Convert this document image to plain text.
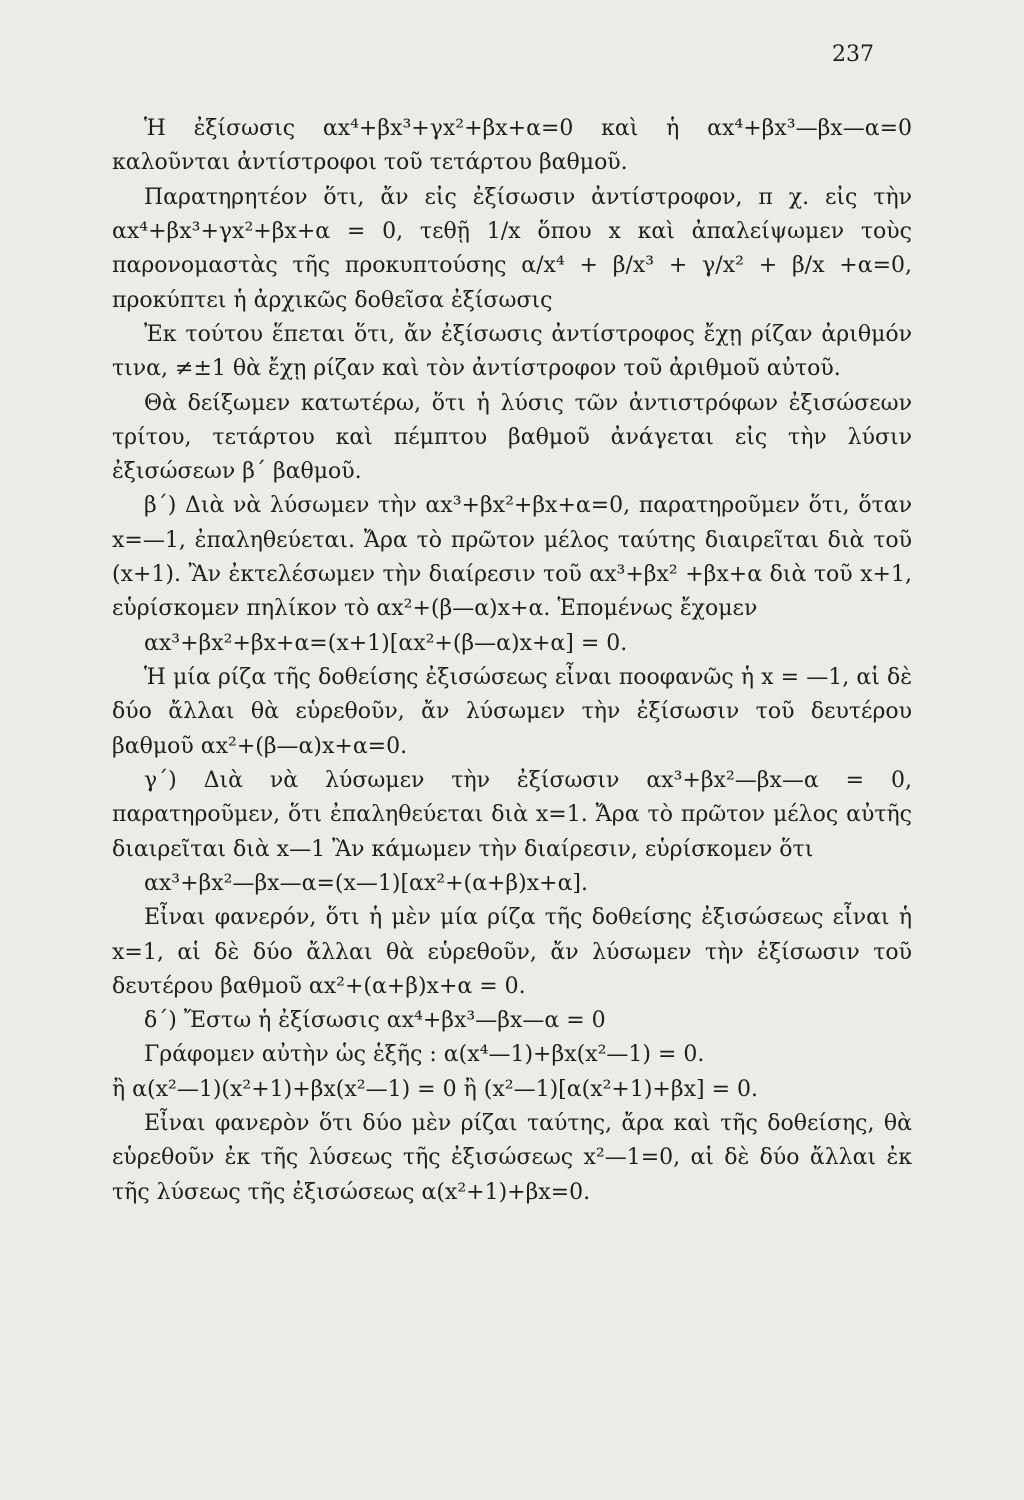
237

Ἡ ἐξίσωσις αx⁴+βx³+γx²+βx+α=0 καὶ ἡ αx⁴+βx³—βx—α=0 καλοῦνται ἀντίστροφοι τοῦ τετάρτου βαθμοῦ.

Παρατηρητέον ὅτι, ἄν εἰς ἐξίσωσιν ἀντίστροφον, π χ. εἰς τὴν αx⁴+βx³+γx²+βx+α = 0, τεθῇ 1/x ὅπου x καὶ ἀπαλείψωμεν τοὺς παρονομαστὰς τῆς προκυπτούσης α/x⁴ + β/x³ + γ/x² + β/x +α=0, προκύπτει ἡ ἀρχικῶς δοθεῖσα ἐξίσωσις

Ἐκ τούτου ἕπεται ὅτι, ἄν ἐξίσωσις ἀντίστροφος ἔχῃ ρίζαν ἀριθμόν τινα, ≠±1 θὰ ἔχῃ ρίζαν καὶ τὸν ἀντίστροφον τοῦ ἀριθμοῦ αὐτοῦ.

Θὰ δείξωμεν κατωτέρω, ὅτι ἡ λύσις τῶν ἀντιστρόφων ἐξισώσεων τρίτου, τετάρτου καὶ πέμπτου βαθμοῦ ἀνάγεται εἰς τὴν λύσιν ἐξισώσεων β΄ βαθμοῦ.

β΄) Διὰ νὰ λύσωμεν τὴν αx³+βx²+βx+α=0, παρατηροῦμεν ὅτι, ὅταν x=—1, ἐπαληθεύεται. Ἄρα τὸ πρῶτον μέλος ταύτης διαιρεῖται διὰ τοῦ (x+1). Ἂν ἐκτελέσωμεν τὴν διαίρεσιν τοῦ αx³+βx² +βx+α διὰ τοῦ x+1, εὑρίσκομεν πηλίκον τὸ αx²+(β—α)x+α. Ἑπομένως ἔχομεν

αx³+βx²+βx+α=(x+1)[αx²+(β—α)x+α] = 0.

Ἡ μία ρίζα τῆς δοθείσης ἐξισώσεως εἶναι ποοφανῶς ἡ x = —1, αἱ δὲ δύο ἄλλαι θὰ εὑρεθοῦν, ἄν λύσωμεν τὴν ἐξίσωσιν τοῦ δευτέρου βαθμοῦ αx²+(β—α)x+α=0.

γ΄) Διὰ νὰ λύσωμεν τὴν ἐξίσωσιν αx³+βx²—βx—α = 0, παρατηροῦμεν, ὅτι ἐπαληθεύεται διὰ x=1. Ἄρα τὸ πρῶτον μέλος αὐτῆς διαιρεῖται διὰ x—1 Ἂν κάμωμεν τὴν διαίρεσιν, εὑρίσκομεν ὅτι

αx³+βx²—βx—α=(x—1)[αx²+(α+β)x+α].

Εἶναι φανερόν, ὅτι ἡ μὲν μία ρίζα τῆς δοθείσης ἐξισώσεως εἶναι ἡ x=1, αἱ δὲ δύο ἄλλαι θὰ εὑρεθοῦν, ἄν λύσωμεν τὴν ἐξίσωσιν τοῦ δευτέρου βαθμοῦ αx²+(α+β)x+α = 0.

δ΄) Ἔστω ἡ ἐξίσωσις αx⁴+βx³—βx—α = 0

Γράφομεν αὐτὴν ὡς ἑξῆς : α(x⁴—1)+βx(x²—1) = 0.

ἢ α(x²—1)(x²+1)+βx(x²—1) = 0 ἢ (x²—1)[α(x²+1)+βx] = 0.

Εἶναι φανερὸν ὅτι δύο μὲν ρίζαι ταύτης, ἄρα καὶ τῆς δοθείσης, θὰ εὑρεθοῦν ἐκ τῆς λύσεως τῆς ἐξισώσεως x²—1=0, αἱ δὲ δύο ἄλλαι ἐκ τῆς λύσεως τῆς ἐξισώσεως α(x²+1)+βx=0.
